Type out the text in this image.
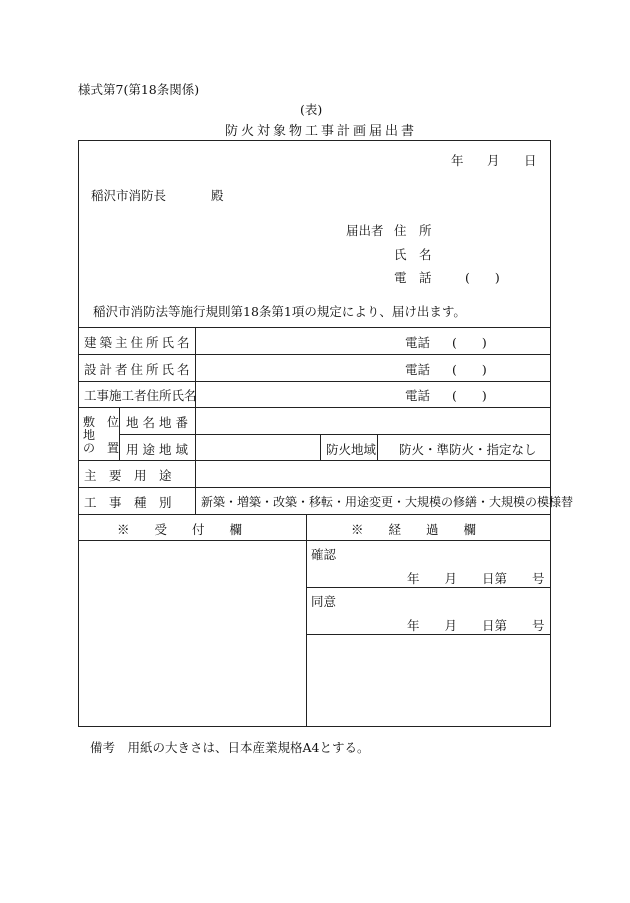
様式第7(第18条関係)
(表)
防火対象物工事計画届出書
年 月 日
稲沢市消防長	殿
届出者 住　所
氏　名
電　話	(　　)
稲沢市消防法等施行規則第18条第1項の規定により、届け出ます。
建築主住所氏名	電話 (　　)
設計者住所氏名	電話 (　　)
工事施工者住所氏名	電話 (　　)
敷　位
地
の　置
地名地番
用途地域	防火地域 防火・準防火・指定なし
主　要　用　途
工　事　種　別 新築・増築・改築・移転・用途変更・大規模の修繕・大規模の模様替
※　　受　　付　　欄	※　　経　　過　　欄
確認
年　　月　　日第　　号
同意
年　　月　　日第　　号
備考　用紙の大きさは、日本産業規格A4とする。
